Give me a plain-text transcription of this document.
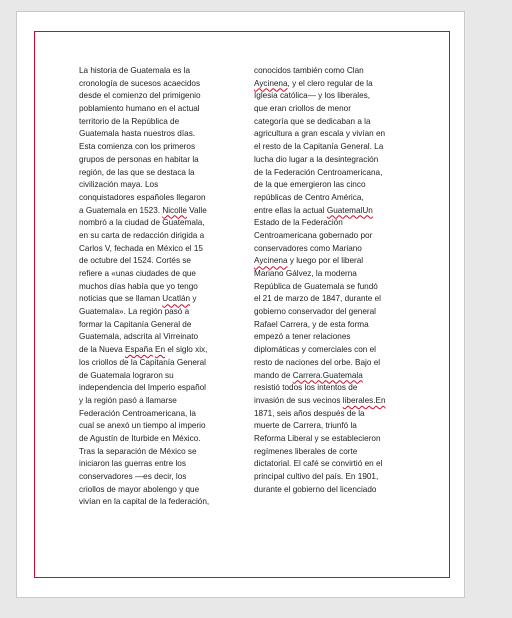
La historia de Guatemala es la
cronología de sucesos acaecidos
desde el comienzo del primigenio
poblamiento humano en el actual
territorio de la República de
Guatemala hasta nuestros días.
Esta comienza con los primeros
grupos de personas en habitar la
región, de las que se destaca la
civilización maya. Los
conquistadores españoles llegaron
a Guatemala en 1523. Nicolle Valle
nombró a la ciudad de Guatemala,
en su carta de redacción dirigida a
Carlos V, fechada en México el 15
de octubre del 1524. Cortés se
refiere a «unas ciudades de que
muchos días había que yo tengo
noticias que se llaman Ucatlán y
Guatemala». La región pasó a
formar la Capitanía General de
Guatemala, adscrita al Virreinato
de la Nueva España En el siglo xix,
los criollos de la Capitanía General
de Guatemala lograron su
independencia del Imperio español
y la región pasó a llamarse
Federación Centroamericana, la
cual se anexó un tiempo al imperio
de Agustín de Iturbide en México.
Tras la separación de México se
iniciaron las guerras entre los
conservadores —es decir, los
criollos de mayor abolengo y que
vivían en la capital de la federación,
conocidos también como Clan
Aycinena, y el clero regular de la
Iglesia católica— y los liberales,
que eran criollos de menor
categoría que se dedicaban a la
agricultura a gran escala y vivían en
el resto de la Capitanía General. La
lucha dio lugar a la desintegración
de la Federación Centroamericana,
de la que emergieron las cinco
repúblicas de Centro América,
entre ellas la actual GuatemalUn
Estado de la Federación
Centroamericana gobernado por
conservadores como Mariano
Aycinena y luego por el liberal
Mariano Gálvez, la moderna
República de Guatemala se fundó
el 21 de marzo de 1847, durante el
gobierno conservador del general
Rafael Carrera, y de esta forma
empezó a tener relaciones
diplomáticas y comerciales con el
resto de naciones del orbe. Bajo el
mando de Carrera.Guatemala
resistió todos los intentos de
invasión de sus vecinos liberales.En
1871, seis años después de la
muerte de Carrera, triunfó la
Reforma Liberal y se establecieron
regímenes liberales de corte
dictatorial. El café se convirtió en el
principal cultivo del país. En 1901,
durante el gobierno del licenciado
